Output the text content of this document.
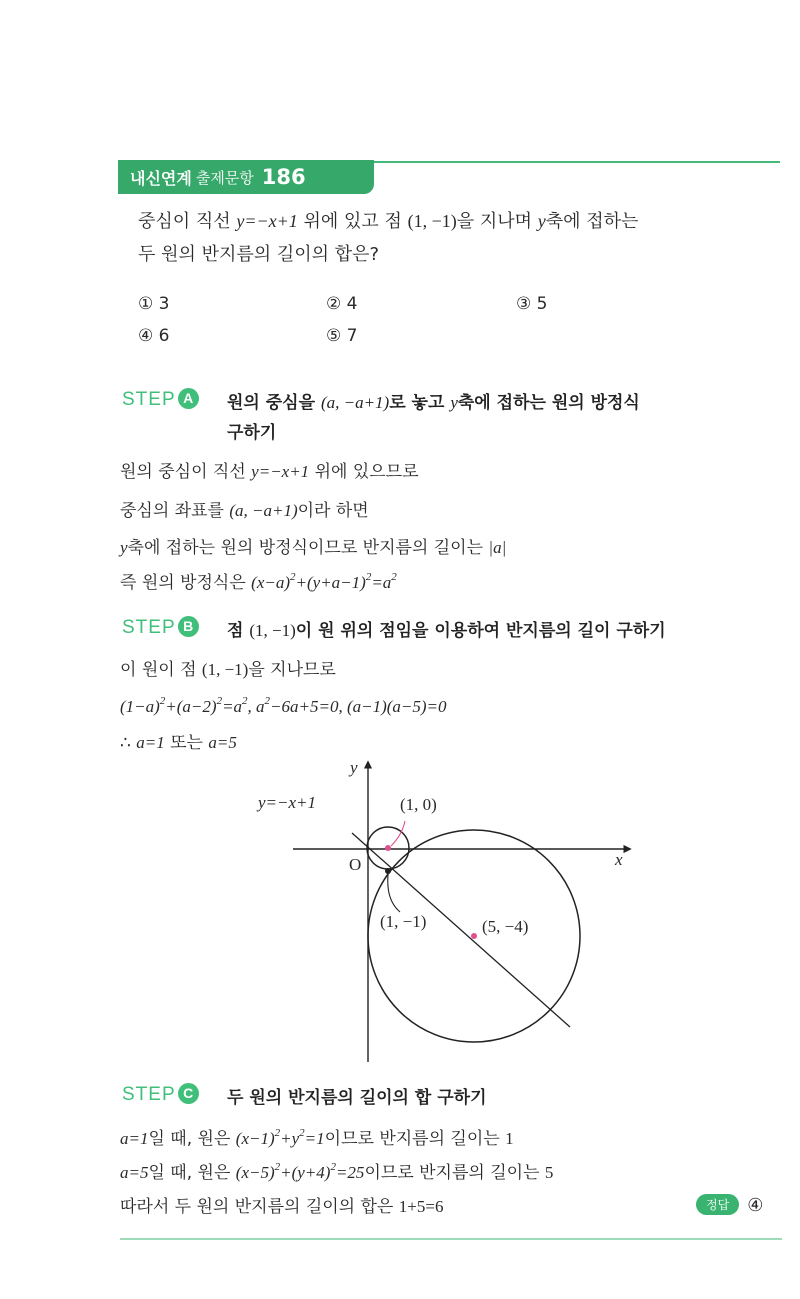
내신연계 출제문항 186
중심이 직선 y=−x+1 위에 있고 점 (1, −1)을 지나며 y축에 접하는
두 원의 반지름의 길이의 합은?
① 3	② 4	③ 5
④ 6	⑤ 7
STEP A	원의 중심을 (a, −a+1)로 놓고 y축에 접하는 원의 방정식
구하기
원의 중심이 직선 y=−x+1 위에 있으므로
중심의 좌표를 (a, −a+1)이라 하면
y축에 접하는 원의 방정식이므로 반지름의 길이는 |a|
즉 원의 방정식은 $(x-a)^2+(y+a-1)^2=a^2$
STEP B	점 (1, −1)이 원 위의 점임을 이용하여 반지름의 길이 구하기
이 원이 점 (1, −1)을 지나므로
$(1-a)^2+(a-2)^2=a^2$, $a^2-6a+5=0$, (a−1)(a−5)=0
∴ a=1 또는 a=5
y
x
O
y=−x+1	(1, 0)
(1, −1)	(5, −4)
STEP C	두 원의 반지름의 길이의 합 구하기
a=1일 때, 원은 $(x-1)^2+y^2=1$이므로 반지름의 길이는 1
a=5일 때, 원은 $(x-5)^2+(y+4)^2=25$이므로 반지름의 길이는 5
따라서 두 원의 반지름의 길이의 합은 1+5=6	정답 ④
